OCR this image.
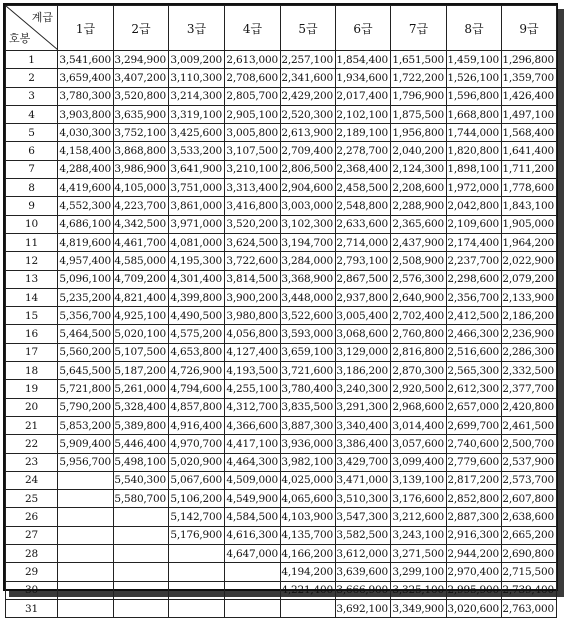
계급
호봉	1급	2급	3급	4급	5급	6급	7급	8급	9급
1	3,541,600	3,294,900	3,009,200	2,613,000	2,257,100	1,854,400	1,651,500	1,459,100	1,296,800
2	3,659,400	3,407,200	3,110,300	2,708,600	2,341,600	1,934,600	1,722,200	1,526,100	1,359,700
3	3,780,300	3,520,800	3,214,300	2,805,700	2,429,200	2,017,400	1,796,900	1,596,800	1,426,400
4	3,903,800	3,635,900	3,319,100	2,905,100	2,520,300	2,102,100	1,875,500	1,668,800	1,497,100
5	4,030,300	3,752,100	3,425,600	3,005,800	2,613,900	2,189,100	1,956,800	1,744,000	1,568,400
6	4,158,400	3,868,800	3,533,200	3,107,500	2,709,400	2,278,700	2,040,200	1,820,800	1,641,400
7	4,288,400	3,986,900	3,641,900	3,210,100	2,806,500	2,368,400	2,124,300	1,898,100	1,711,200
8	4,419,600	4,105,000	3,751,000	3,313,400	2,904,600	2,458,500	2,208,600	1,972,000	1,778,600
9	4,552,300	4,223,700	3,861,000	3,416,800	3,003,000	2,548,800	2,288,900	2,042,800	1,843,100
10	4,686,100	4,342,500	3,971,000	3,520,200	3,102,300	2,633,600	2,365,600	2,109,600	1,905,000
11	4,819,600	4,461,700	4,081,000	3,624,500	3,194,700	2,714,000	2,437,900	2,174,400	1,964,200
12	4,957,400	4,585,000	4,195,300	3,722,600	3,284,000	2,793,100	2,508,900	2,237,700	2,022,900
13	5,096,100	4,709,200	4,301,400	3,814,500	3,368,900	2,867,500	2,576,300	2,298,600	2,079,200
14	5,235,200	4,821,400	4,399,800	3,900,200	3,448,000	2,937,800	2,640,900	2,356,700	2,133,900
15	5,356,700	4,925,100	4,490,500	3,980,800	3,522,600	3,005,400	2,702,400	2,412,500	2,186,200
16	5,464,500	5,020,100	4,575,200	4,056,800	3,593,000	3,068,600	2,760,800	2,466,300	2,236,900
17	5,560,200	5,107,500	4,653,800	4,127,400	3,659,100	3,129,000	2,816,800	2,516,600	2,286,300
18	5,645,500	5,187,200	4,726,900	4,193,500	3,721,600	3,186,200	2,870,300	2,565,300	2,332,500
19	5,721,800	5,261,000	4,794,600	4,255,100	3,780,400	3,240,300	2,920,500	2,612,300	2,377,700
20	5,790,200	5,328,400	4,857,800	4,312,700	3,835,500	3,291,300	2,968,600	2,657,000	2,420,800
21	5,853,200	5,389,800	4,916,400	4,366,600	3,887,300	3,340,400	3,014,400	2,699,700	2,461,500
22	5,909,400	5,446,400	4,970,700	4,417,100	3,936,000	3,386,400	3,057,600	2,740,600	2,500,700
23	5,956,700	5,498,100	5,020,900	4,464,300	3,982,100	3,429,700	3,099,400	2,779,600	2,537,900
24		5,540,300	5,067,600	4,509,000	4,025,000	3,471,000	3,139,100	2,817,200	2,573,700
25		5,580,700	5,106,200	4,549,900	4,065,600	3,510,300	3,176,600	2,852,800	2,607,800
26			5,142,700	4,584,500	4,103,900	3,547,300	3,212,600	2,887,300	2,638,600
27			5,176,900	4,616,300	4,135,700	3,582,500	3,243,100	2,916,300	2,665,200
28				4,647,000	4,166,200	3,612,000	3,271,500	2,944,200	2,690,800
29					4,194,200	3,639,600	3,299,100	2,970,400	2,715,500
30					4,221,400	3,666,900	3,325,100	2,995,900	2,739,400
31						3,692,100	3,349,900	3,020,600	2,763,000
